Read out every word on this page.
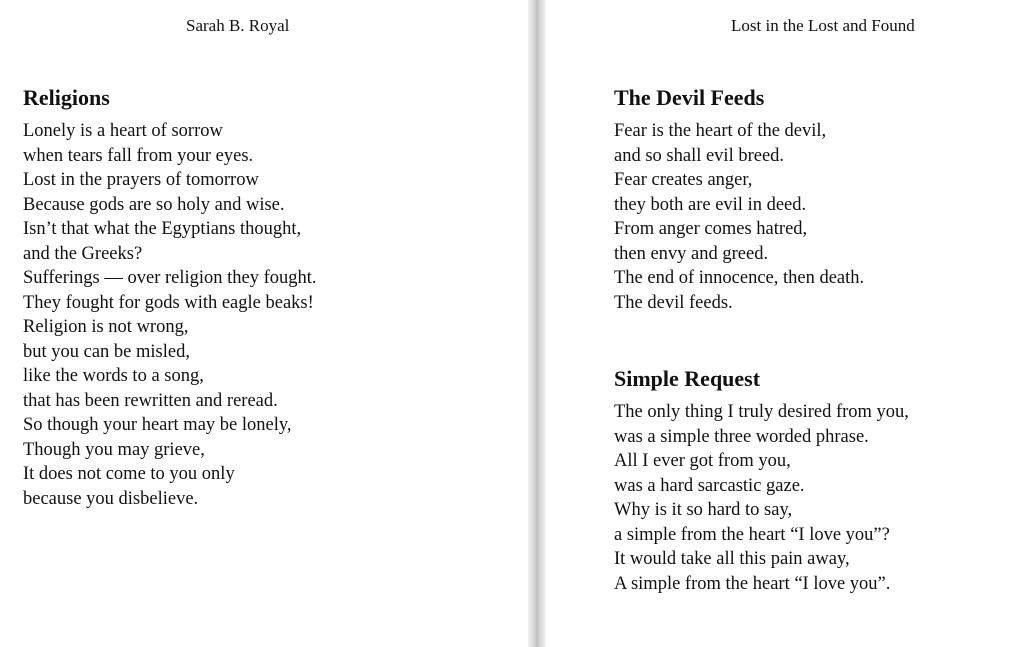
Sarah B. Royal
Religions
Lonely is a heart of sorrow
when tears fall from your eyes.
Lost in the prayers of tomorrow
Because gods are so holy and wise.
Isn’t that what the Egyptians thought,
and the Greeks?
Sufferings — over religion they fought.
They fought for gods with eagle beaks!
Religion is not wrong,
but you can be misled,
like the words to a song,
that has been rewritten and reread.
So though your heart may be lonely,
Though you may grieve,
It does not come to you only
because you disbelieve.
Lost in the Lost and Found
The Devil Feeds
Fear is the heart of the devil,
and so shall evil breed.
Fear creates anger,
they both are evil in deed.
From anger comes hatred,
then envy and greed.
The end of innocence, then death.
The devil feeds.
Simple Request
The only thing I truly desired from you,
was a simple three worded phrase.
All I ever got from you,
was a hard sarcastic gaze.
Why is it so hard to say,
a simple from the heart “I love you”?
It would take all this pain away,
A simple from the heart “I love you”.
